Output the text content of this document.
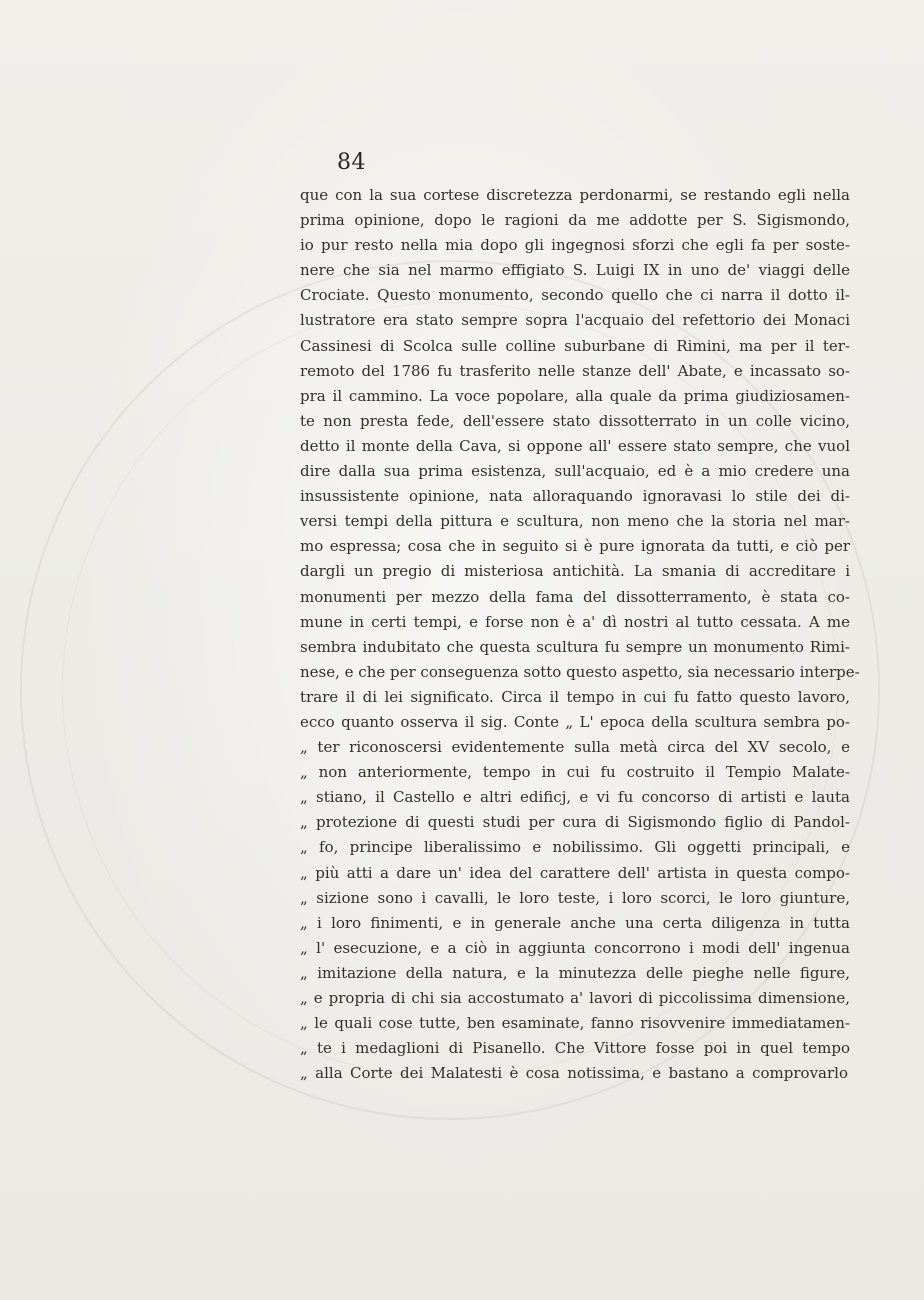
84
que con la sua cortese discretezza perdonarmi, se restando egli nella
prima opinione, dopo le ragioni da me addotte per S. Sigismondo,
io pur resto nella mia dopo gli ingegnosi sforzi che egli fa per soste-
nere che sia nel marmo effigiato S. Luigi IX in uno de' viaggi delle
Crociate. Questo monumento, secondo quello che ci narra il dotto il-
lustratore era stato sempre sopra l'acquaio del refettorio dei Monaci
Cassinesi di Scolca sulle colline suburbane di Rimini, ma per il ter-
remoto del 1786 fu trasferito nelle stanze dell' Abate, e incassato so-
pra il cammino. La voce popolare, alla quale da prima giudiziosamen-
te non presta fede, dell'essere stato dissotterrato in un colle vicino,
detto il monte della Cava, si oppone all' essere stato sempre, che vuol
dire dalla sua prima esistenza, sull'acquaio, ed è a mio credere una
insussistente opinione, nata alloraquando ignoravasi lo stile dei di-
versi tempi della pittura e scultura, non meno che la storia nel mar-
mo espressa; cosa che in seguito si è pure ignorata da tutti, e ciò per
dargli un pregio di misteriosa antichità. La smania di accreditare i
monumenti per mezzo della fama del dissotterramento, è stata co-
mune in certi tempi, e forse non è a' dì nostri al tutto cessata. A me
sembra indubitato che questa scultura fu sempre un monumento Rimi-
nese, e che per conseguenza sotto questo aspetto, sia necessario interpe-
trare il di lei significato. Circa il tempo in cui fu fatto questo lavoro,
ecco quanto osserva il sig. Conte „ L' epoca della scultura sembra po-
„ ter riconoscersi evidentemente sulla metà circa del XV secolo, e
„ non anteriormente, tempo in cui fu costruito il Tempio Malate-
„ stiano, il Castello e altri edificj, e vi fu concorso di artisti e lauta
„ protezione di questi studi per cura di Sigismondo figlio di Pandol-
„ fo, principe liberalissimo e nobilissimo. Gli oggetti principali, e
„ più atti a dare un' idea del carattere dell' artista in questa compo-
„ sizione sono i cavalli, le loro teste, i loro scorci, le loro giunture,
„ i loro finimenti, e in generale anche una certa diligenza in tutta
„ l' esecuzione, e a ciò in aggiunta concorrono i modi dell' ingenua
„ imitazione della natura, e la minutezza delle pieghe nelle figure,
„ e propria di chi sia accostumato a' lavori di piccolissima dimensione,
„ le quali cose tutte, ben esaminate, fanno risovvenire immediatamen-
„ te i medaglioni di Pisanello. Che Vittore fosse poi in quel tempo
„ alla Corte dei Malatesti è cosa notissima, e bastano a comprovarlo
